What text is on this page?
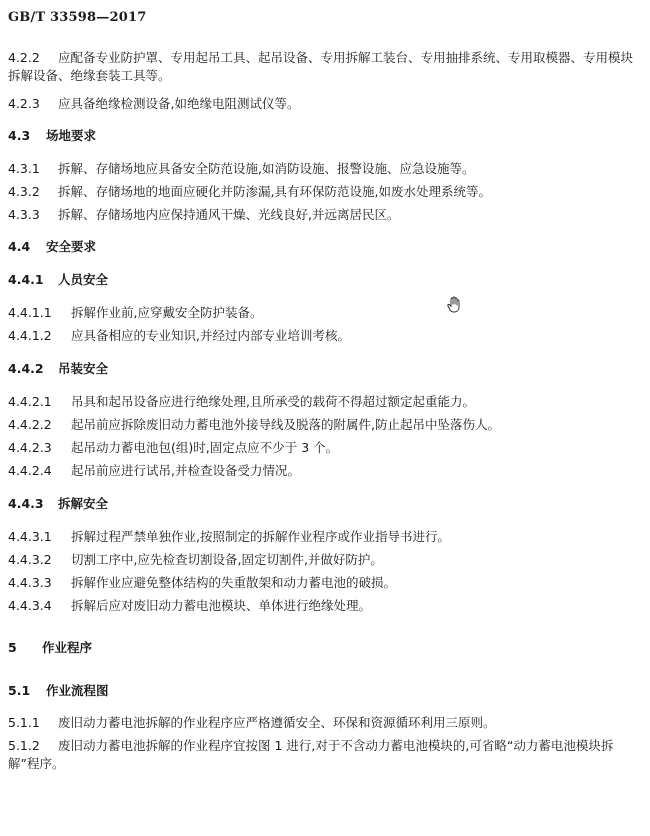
GB/T 33598—2017
4.2.2 应配备专业防护罩、专用起吊工具、起吊设备、专用拆解工装台、专用抽排系统、专用取模器、专用模块拆解设备、绝缘套装工具等。
4.2.3 应具备绝缘检测设备,如绝缘电阻测试仪等。
4.3 场地要求
4.3.1 拆解、存储场地应具备安全防范设施,如消防设施、报警设施、应急设施等。
4.3.2 拆解、存储场地的地面应硬化并防渗漏,具有环保防范设施,如废水处理系统等。
4.3.3 拆解、存储场地内应保持通风干燥、光线良好,并远离居民区。
4.4 安全要求
4.4.1 人员安全
4.4.1.1 拆解作业前,应穿戴安全防护装备。
4.4.1.2 应具备相应的专业知识,并经过内部专业培训考核。
4.4.2 吊装安全
4.4.2.1 吊具和起吊设备应进行绝缘处理,且所承受的载荷不得超过额定起重能力。
4.4.2.2 起吊前应拆除废旧动力蓄电池外接导线及脱落的附属件,防止起吊中坠落伤人。
4.4.2.3 起吊动力蓄电池包(组)时,固定点应不少于 3 个。
4.4.2.4 起吊前应进行试吊,并检查设备受力情况。
4.4.3 拆解安全
4.4.3.1 拆解过程严禁单独作业,按照制定的拆解作业程序或作业指导书进行。
4.4.3.2 切割工序中,应先检查切割设备,固定切割件,并做好防护。
4.4.3.3 拆解作业应避免整体结构的失重散架和动力蓄电池的破损。
4.4.3.4 拆解后应对废旧动力蓄电池模块、单体进行绝缘处理。
5 作业程序
5.1 作业流程图
5.1.1 废旧动力蓄电池拆解的作业程序应严格遵循安全、环保和资源循环利用三原则。
5.1.2 废旧动力蓄电池拆解的作业程序宜按图 1 进行,对于不含动力蓄电池模块的,可省略“动力蓄电池模块拆解”程序。
